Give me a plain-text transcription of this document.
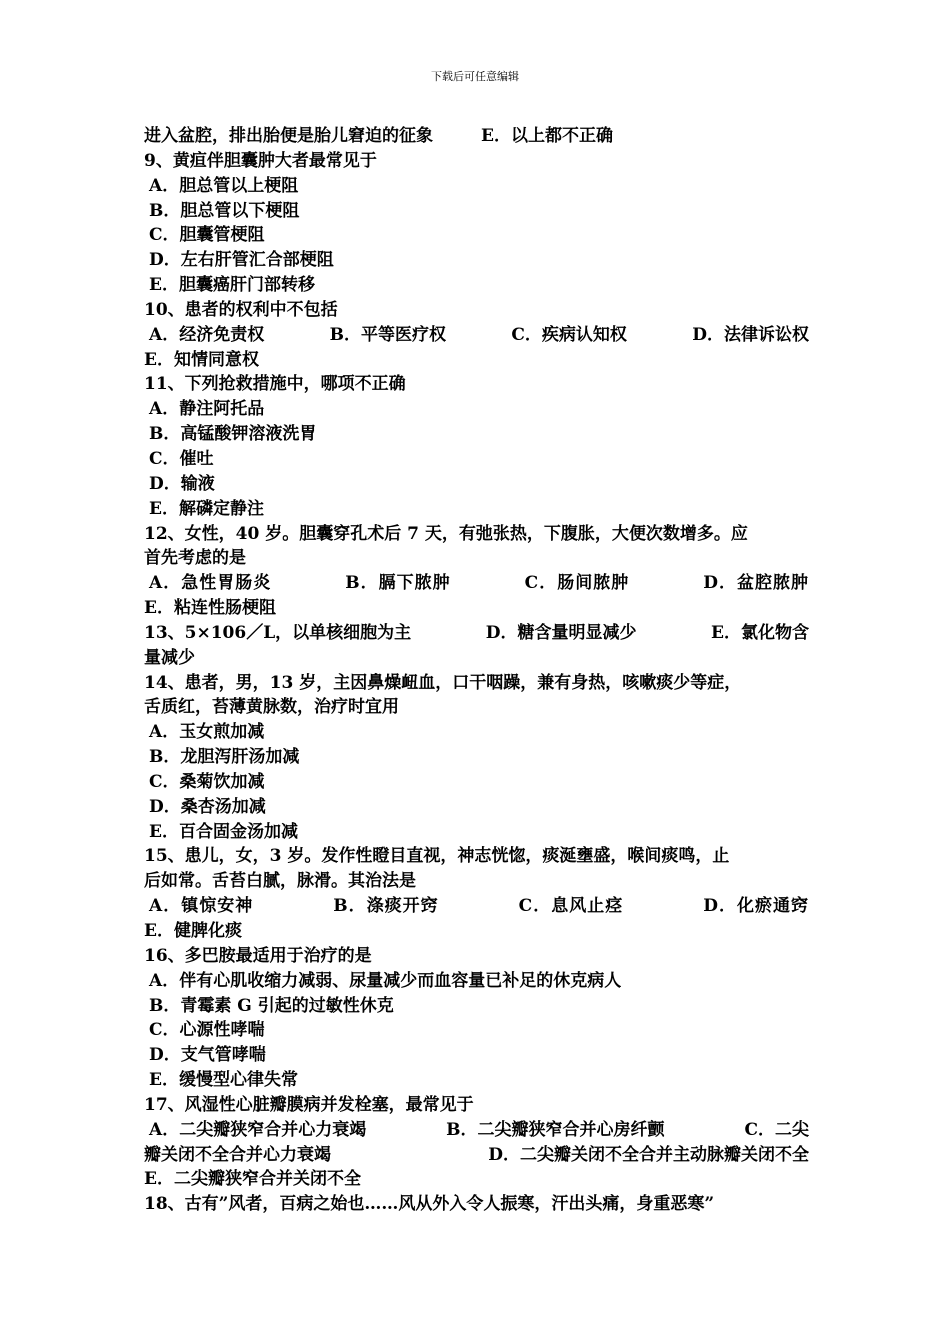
下载后可任意编辑
进入盆腔，排出胎便是胎儿窘迫的征象	E．以上都不正确
9、黄疸伴胆囊肿大者最常见于
A．胆总管以上梗阻
B．胆总管以下梗阻
C．胆囊管梗阻
D．左右肝管汇合部梗阻
E．胆囊癌肝门部转移
10、患者的权利中不包括
A．经济免责权	B．平等医疗权	C．疾病认知权	D．法律诉讼权
E．知情同意权
11、下列抢救措施中，哪项不正确
A．静注阿托品
B．高锰酸钾溶液洗胃
C．催吐
D．输液
E．解磷定静注
12、女性，40 岁。胆囊穿孔术后 7 天，有弛张热，下腹胀，大便次数增多。应
首先考虑的是
A．急性胃肠炎	B．膈下脓肿	C．肠间脓肿	D．盆腔脓肿
E．粘连性肠梗阻
13、5×106／L，以单核细胞为主	D．糖含量明显减少	E．氯化物含
量减少
14、患者，男，13 岁，主因鼻燥衄血，口干咽躁，兼有身热，咳嗽痰少等症，
舌质红，苔薄黄脉数，治疗时宜用
A．玉女煎加减
B．龙胆泻肝汤加减
C．桑菊饮加减
D．桑杏汤加减
E．百合固金汤加减
15、患儿，女，3 岁。发作性瞪目直视，神志恍惚，痰涎壅盛，喉间痰鸣，止
后如常。舌苔白腻，脉滑。其治法是
A．镇惊安神	B．涤痰开窍	C．息风止痉	D．化瘀通窍
E．健脾化痰
16、多巴胺最适用于治疗的是
A．伴有心肌收缩力减弱、尿量减少而血容量已补足的休克病人
B．青霉素 G 引起的过敏性休克
C．心源性哮喘
D．支气管哮喘
E．缓慢型心律失常
17、风湿性心脏瓣膜病并发栓塞，最常见于
A．二尖瓣狭窄合并心力衰竭	B．二尖瓣狭窄合并心房纤颤	C．二尖
瓣关闭不全合并心力衰竭	D．二尖瓣关闭不全合并主动脉瓣关闭不全
E．二尖瓣狭窄合并关闭不全
18、古有”风者，百病之始也……风从外入令人振寒，汗出头痛，身重恶寒”
